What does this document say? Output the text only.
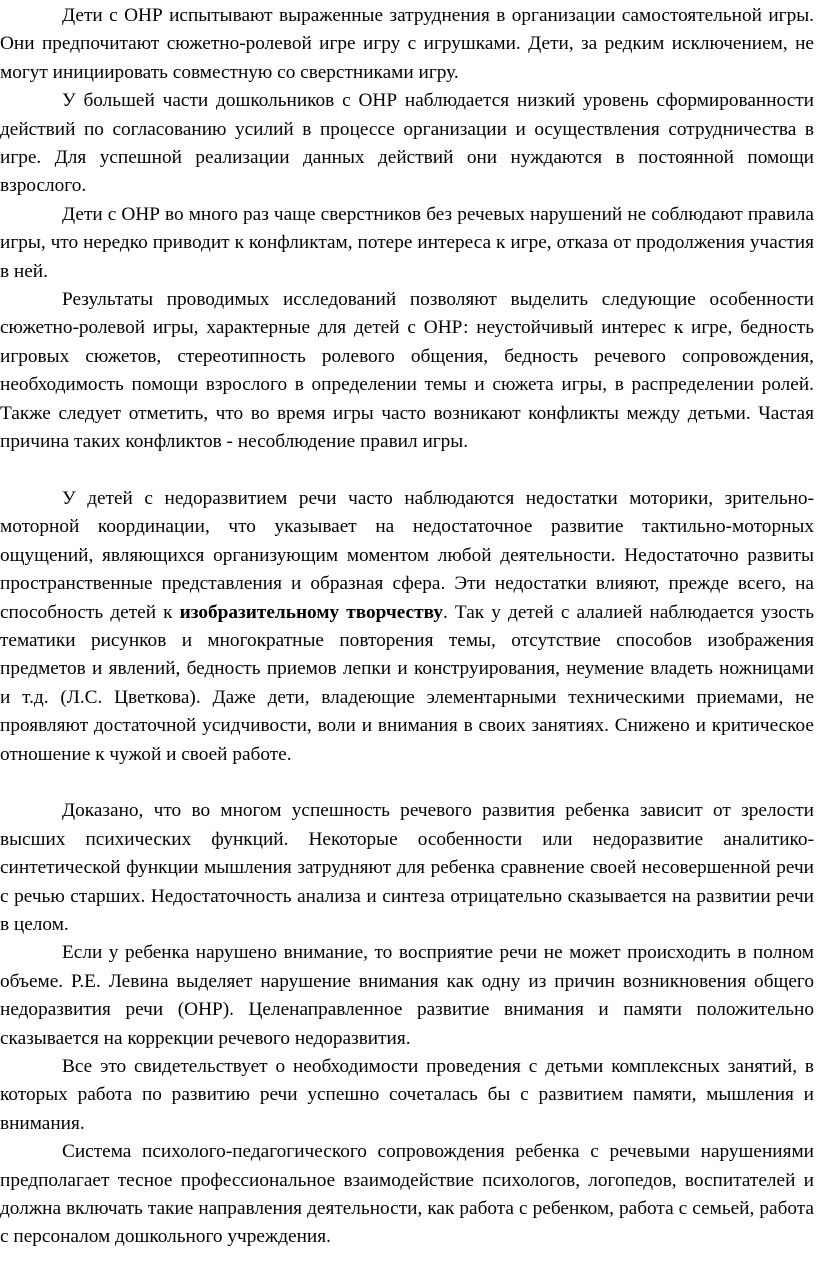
Дети с ОНР испытывают выраженные затруднения в организации самостоятельной игры. Они предпочитают сюжетно-ролевой игре игру с игрушками. Дети, за редким исключением, не могут инициировать совместную со сверстниками игру.

У большей части дошкольников с ОНР наблюдается низкий уровень сформированности действий по согласованию усилий в процессе организации и осуществления сотрудничества в игре. Для успешной реализации данных действий они нуждаются в постоянной помощи взрослого.

Дети с ОНР во много раз чаще сверстников без речевых нарушений не соблюдают правила игры, что нередко приводит к конфликтам, потере интереса к игре, отказа от продолжения участия в ней.

Результаты проводимых исследований позволяют выделить следующие особенности сюжетно-ролевой игры, характерные для детей с ОНР: неустойчивый интерес к игре, бедность игровых сюжетов, стереотипность ролевого общения, бедность речевого сопровождения, необходимость помощи взрослого в определении темы и сюжета игры, в распределении ролей. Также следует отметить, что во время игры часто возникают конфликты между детьми. Частая причина таких конфликтов - несоблюдение правил игры.

У детей с недоразвитием речи часто наблюдаются недостатки моторики, зрительно-моторной координации, что указывает на недостаточное развитие тактильно-моторных ощущений, являющихся организующим моментом любой деятельности. Недостаточно развиты пространственные представления и образная сфера. Эти недостатки влияют, прежде всего, на способность детей к изобразительному творчеству. Так у детей с алалией наблюдается узость тематики рисунков и многократные повторения темы, отсутствие способов изображения предметов и явлений, бедность приемов лепки и конструирования, неумение владеть ножницами и т.д. (Л.С. Цветкова). Даже дети, владеющие элементарными техническими приемами, не проявляют достаточной усидчивости, воли и внимания в своих занятиях. Снижено и критическое отношение к чужой и своей работе.

Доказано, что во многом успешность речевого развития ребенка зависит от зрелости высших психических функций. Некоторые особенности или недоразвитие аналитико-синтетической функции мышления затрудняют для ребенка сравнение своей несовершенной речи с речью старших. Недостаточность анализа и синтеза отрицательно сказывается на развитии речи в целом.

Если у ребенка нарушено внимание, то восприятие речи не может происходить в полном объеме. Р.Е. Левина выделяет нарушение внимания как одну из причин возникновения общего недоразвития речи (ОНР). Целенаправленное развитие внимания и памяти положительно сказывается на коррекции речевого недоразвития.

Все это свидетельствует о необходимости проведения с детьми комплексных занятий, в которых работа по развитию речи успешно сочеталась бы с развитием памяти, мышления и внимания.

Система психолого-педагогического сопровождения ребенка с речевыми нарушениями предполагает тесное профессиональное взаимодействие психологов, логопедов, воспитателей и должна включать такие направления деятельности, как работа с ребенком, работа с семьей, работа с персоналом дошкольного учреждения.
